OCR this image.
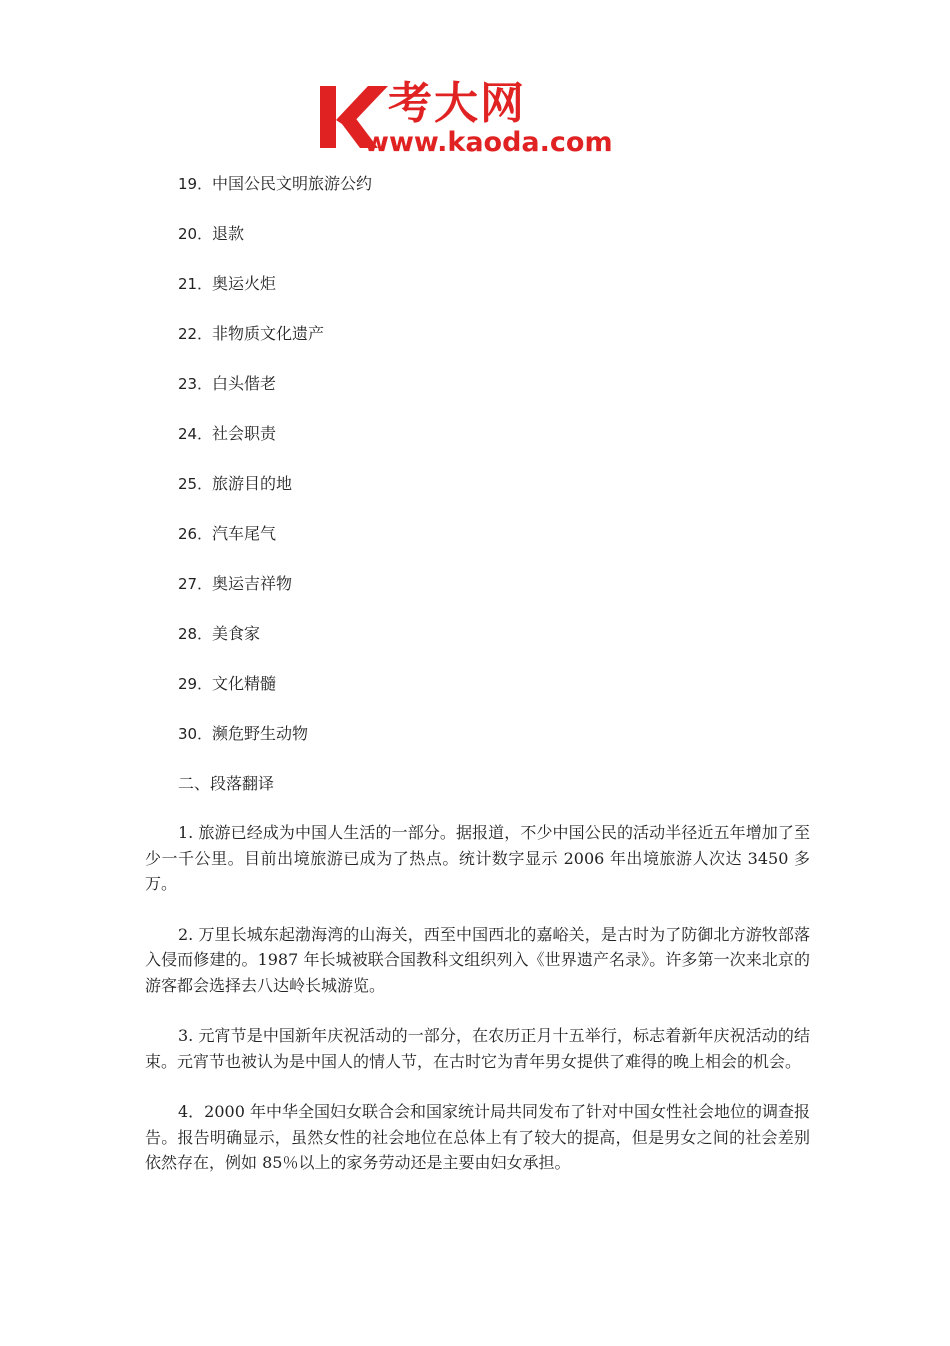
考大网
www.kaoda.com
19．中国公民文明旅游公约
20．退款
21．奥运火炬
22．非物质文化遗产
23．白头偕老
24．社会职责
25．旅游目的地
26．汽车尾气
27．奥运吉祥物
28．美食家
29．文化精髓
30．濒危野生动物
二、段落翻译

1. 旅游已经成为中国人生活的一部分。据报道，不少中国公民的活动半径近五年增加了至少一千公里。目前出境旅游已成为了热点。统计数字显示 2006 年出境旅游人次达 3450 多万。

2. 万里长城东起渤海湾的山海关，西至中国西北的嘉峪关，是古时为了防御北方游牧部落入侵而修建的。1987 年长城被联合国教科文组织列入《世界遗产名录》。许多第一次来北京的游客都会选择去八达岭长城游览。

3. 元宵节是中国新年庆祝活动的一部分，在农历正月十五举行，标志着新年庆祝活动的结束。元宵节也被认为是中国人的情人节，在古时它为青年男女提供了难得的晚上相会的机会。

4．2000 年中华全国妇女联合会和国家统计局共同发布了针对中国女性社会地位的调查报告。报告明确显示，虽然女性的社会地位在总体上有了较大的提高，但是男女之间的社会差别依然存在，例如 85％以上的家务劳动还是主要由妇女承担。
